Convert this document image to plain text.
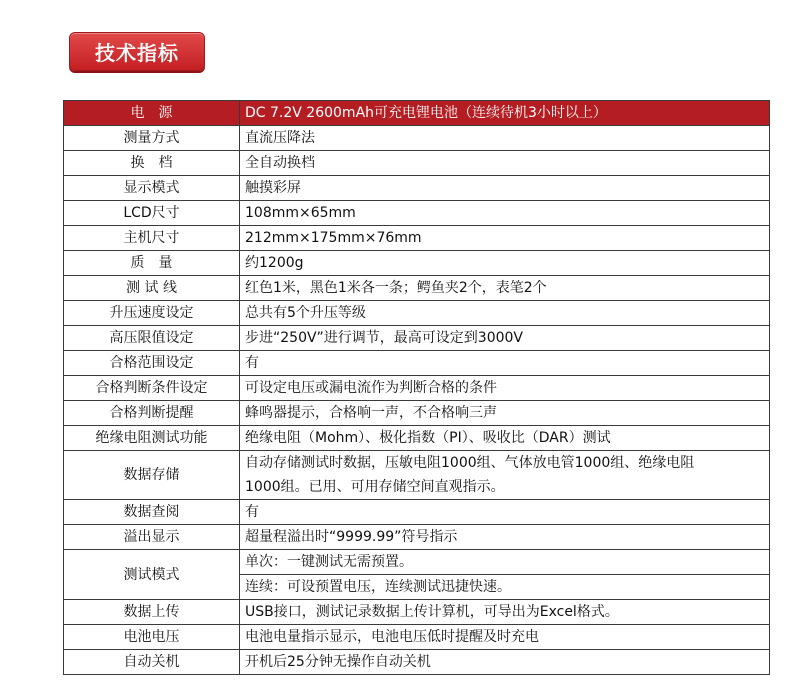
技术指标
电　源	DC 7.2V 2600mAh可充电锂电池（连续待机3小时以上）
测量方式	直流压降法
换　档	全自动换档
显示模式	触摸彩屏
LCD尺寸	108mm×65mm
主机尺寸	212mm×175mm×76mm
质　量	约1200g
测 试 线	红色1米，黑色1米各一条；鳄鱼夹2个，表笔2个
升压速度设定	总共有5个升压等级
高压限值设定	步进“250V”进行调节，最高可设定到3000V
合格范围设定	有
合格判断条件设定	可设定电压或漏电流作为判断合格的条件
合格判断提醒	蜂鸣器提示，合格响一声，不合格响三声
绝缘电阻测试功能	绝缘电阻（Mohm）、极化指数（PI）、吸收比（DAR）测试
数据存储	自动存储测试时数据，压敏电阻1000组、气体放电管1000组、绝缘电阻
1000组。已用、可用存储空间直观指示。

数据查阅	有
溢出显示	超量程溢出时“9999.99”符号指示
测试模式	单次：一键测试无需预置。
连续：可设预置电压，连续测试迅捷快速。

数据上传	USB接口，测试记录数据上传计算机，可导出为Excel格式。
电池电压	电池电量指示显示，电池电压低时提醒及时充电
自动关机	开机后25分钟无操作自动关机
